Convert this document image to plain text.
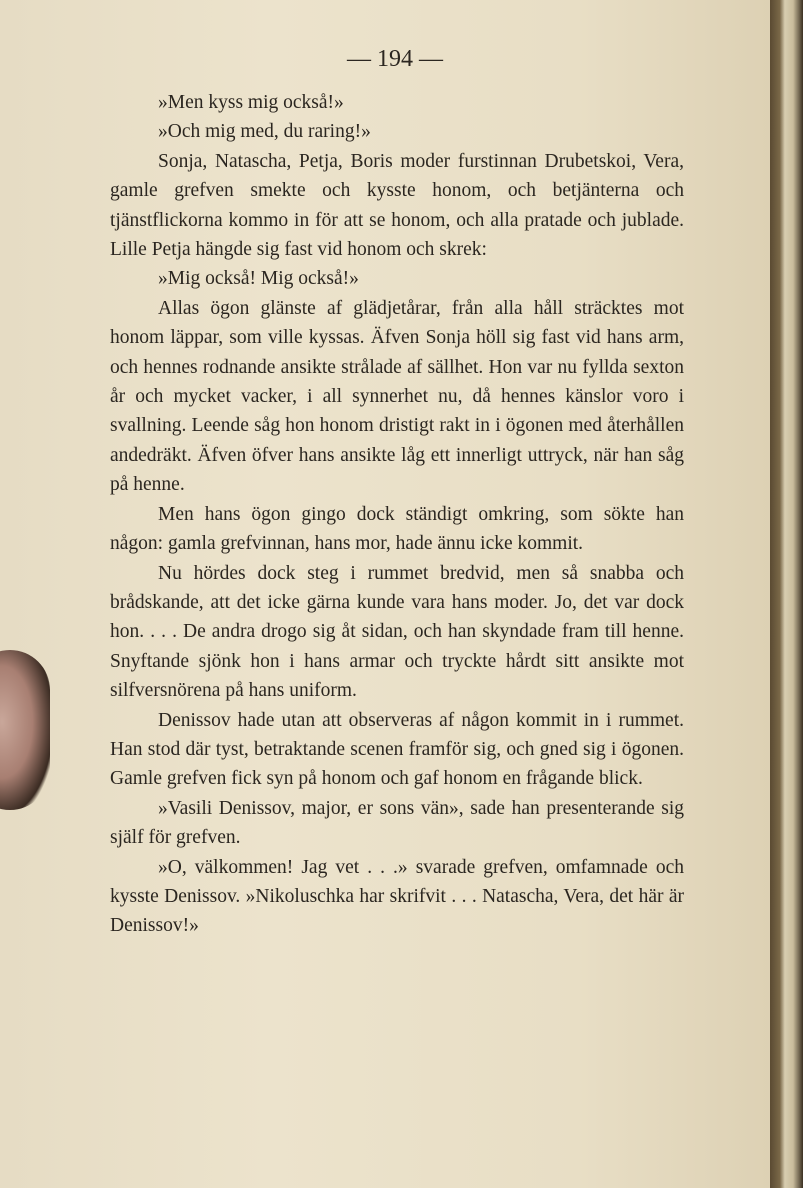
— 194 —

»Men kyss mig också!»

»Och mig med, du raring!»

Sonja, Natascha, Petja, Boris moder furstinnan Drubetskoi, Vera, gamle grefven smekte och kysste honom, och betjänterna och tjänstflickorna kommo in för att se honom, och alla pratade och jublade. Lille Petja hängde sig fast vid honom och skrek:

»Mig också! Mig också!»

Allas ögon glänste af glädjetårar, från alla håll sträcktes mot honom läppar, som ville kyssas. Äfven Sonja höll sig fast vid hans arm, och hennes rodnande ansikte strålade af sällhet. Hon var nu fyllda sexton år och mycket vacker, i all synnerhet nu, då hennes känslor voro i svallning. Leende såg hon honom dristigt rakt in i ögonen med återhållen andedräkt. Äfven öfver hans ansikte låg ett innerligt uttryck, när han såg på henne.

Men hans ögon gingo dock ständigt omkring, som sökte han någon: gamla grefvinnan, hans mor, hade ännu icke kommit.

Nu hördes dock steg i rummet bredvid, men så snabba och brådskande, att det icke gärna kunde vara hans moder. Jo, det var dock hon. . . . De andra drogo sig åt sidan, och han skyndade fram till henne. Snyftande sjönk hon i hans armar och tryckte hårdt sitt ansikte mot silfversnörena på hans uniform.

Denissov hade utan att observeras af någon kommit in i rummet. Han stod där tyst, betraktande scenen framför sig, och gned sig i ögonen. Gamle grefven fick syn på honom och gaf honom en frågande blick.

»Vasili Denissov, major, er sons vän», sade han presenterande sig själf för grefven.

»O, välkommen! Jag vet . . .» svarade grefven, omfamnade och kysste Denissov. »Nikoluschka har skrifvit . . . Natascha, Vera, det här är Denissov!»
